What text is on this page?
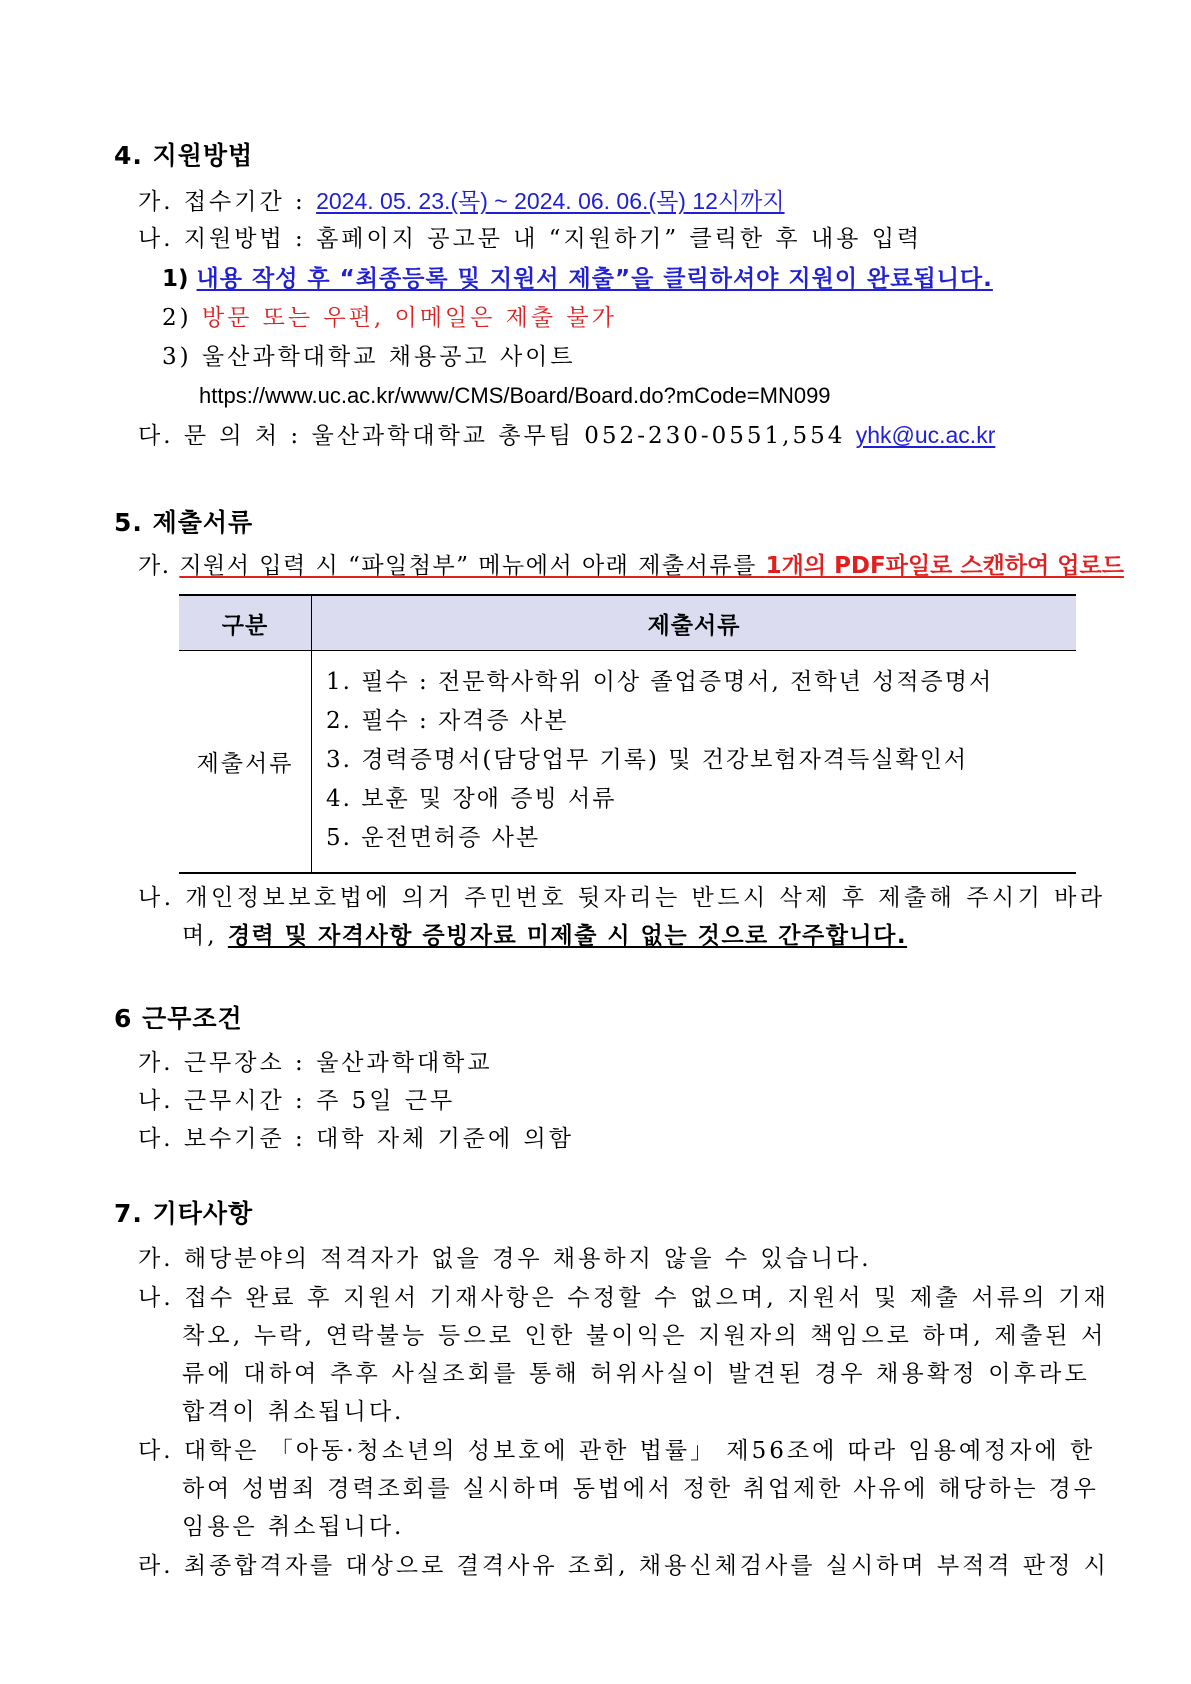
4. 지원방법
가. 접수기간 : 2024. 05. 23.(목) ~ 2024. 06. 06.(목) 12시까지
나. 지원방법 : 홈페이지 공고문 내 “지원하기” 클릭한 후 내용 입력
1) 내용 작성 후 “최종등록 및 지원서 제출”을 클릭하셔야 지원이 완료됩니다.
2) 방문 또는 우편, 이메일은 제출 불가
3) 울산과학대학교 채용공고 사이트
https://www.uc.ac.kr/www/CMS/Board/Board.do?mCode=MN099
다. 문 의 처 : 울산과학대학교 총무팀 052-230-0551,554 yhk@uc.ac.kr
5. 제출서류
가. 지원서 입력 시 “파일첨부” 메뉴에서 아래 제출서류를 1개의 PDF파일로 스캔하여 업로드
구분	제출서류
제출서류	1. 필수 : 전문학사학위 이상 졸업증명서, 전학년 성적증명서
2. 필수 : 자격증 사본
3. 경력증명서(담당업무 기록) 및 건강보험자격득실확인서
4. 보훈 및 장애 증빙 서류
5. 운전면허증 사본
나. 개인정보보호법에 의거 주민번호 뒷자리는 반드시 삭제 후 제출해 주시기 바라
며, 경력 및 자격사항 증빙자료 미제출 시 없는 것으로 간주합니다.
6 근무조건
가. 근무장소 : 울산과학대학교
나. 근무시간 : 주 5일 근무
다. 보수기준 : 대학 자체 기준에 의함
7. 기타사항
가. 해당분야의 적격자가 없을 경우 채용하지 않을 수 있습니다.
나. 접수 완료 후 지원서 기재사항은 수정할 수 없으며, 지원서 및 제출 서류의 기재
착오, 누락, 연락불능 등으로 인한 불이익은 지원자의 책임으로 하며, 제출된 서
류에 대하여 추후 사실조회를 통해 허위사실이 발견된 경우 채용확정 이후라도
합격이 취소됩니다.
다. 대학은 「아동·청소년의 성보호에 관한 법률」 제56조에 따라 임용예정자에 한
하여 성범죄 경력조회를 실시하며 동법에서 정한 취업제한 사유에 해당하는 경우
임용은 취소됩니다.
라. 최종합격자를 대상으로 결격사유 조회, 채용신체검사를 실시하며 부적격 판정 시
